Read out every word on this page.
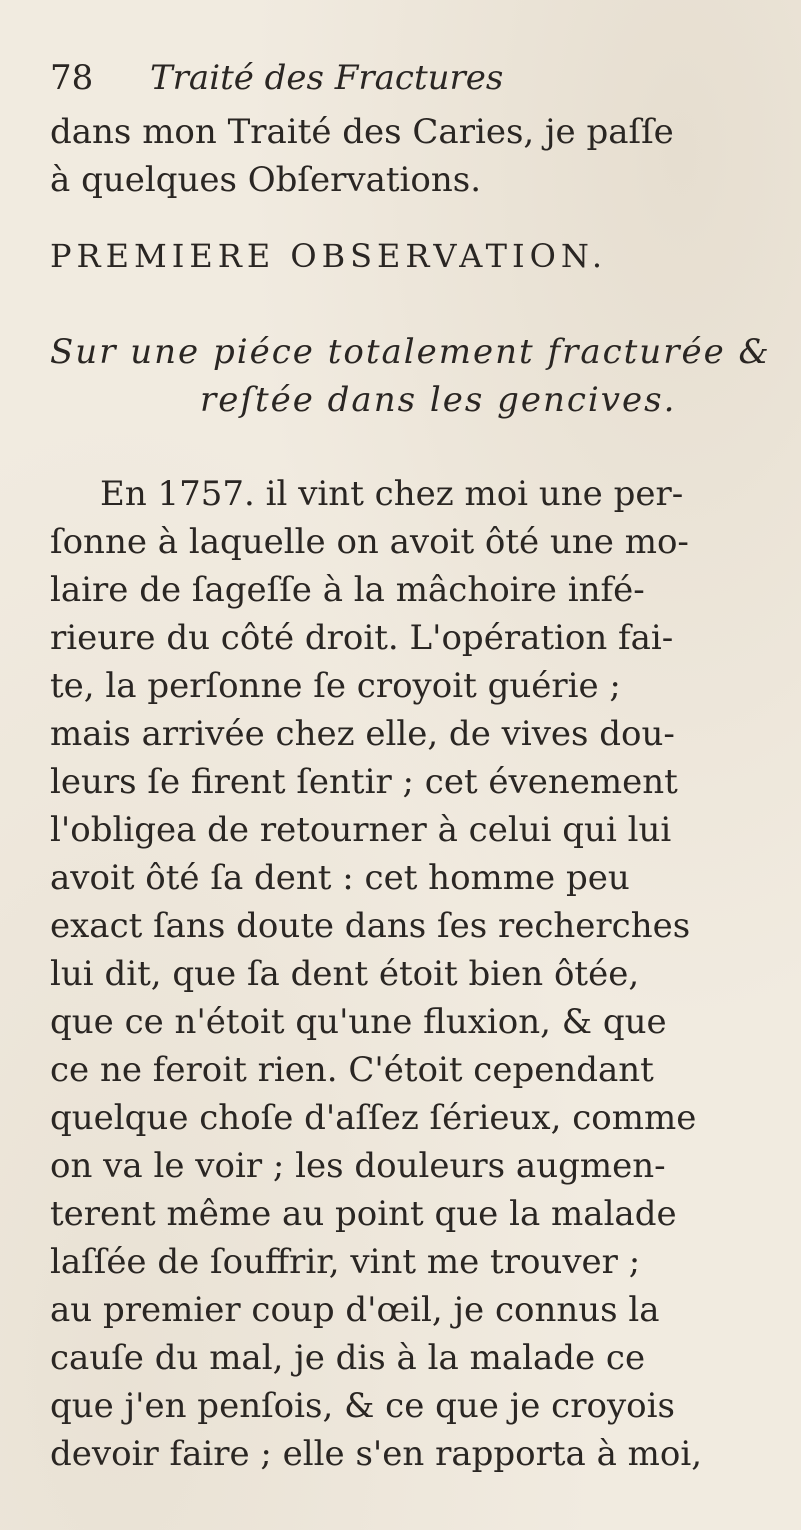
78 Traité des Fractures

dans mon Traité des Caries, je paſſe
à quelques Obſervations.

PREMIERE OBSERVATION.

Sur une piéce totalement fracturée &
reſtée dans les gencives.

En 1757. il vint chez moi une per-
ſonne à laquelle on avoit ôté une mo-
laire de ſageſſe à la mâchoire infé-
rieure du côté droit. L'opération fai-
te, la perſonne ſe croyoit guérie ;
mais arrivée chez elle, de vives dou-
leurs ſe firent ſentir ; cet évenement
l'obligea de retourner à celui qui lui
avoit ôté ſa dent : cet homme peu
exact ſans doute dans ſes recherches
lui dit, que ſa dent étoit bien ôtée,
que ce n'étoit qu'une fluxion, & que
ce ne feroit rien. C'étoit cependant
quelque choſe d'aſſez ſérieux, comme
on va le voir ; les douleurs augmen-
terent même au point que la malade
laſſée de ſouffrir, vint me trouver ;
au premier coup d'œil, je connus la
cauſe du mal, je dis à la malade ce
que j'en penſois, & ce que je croyois
devoir faire ; elle s'en rapporta à moi,
